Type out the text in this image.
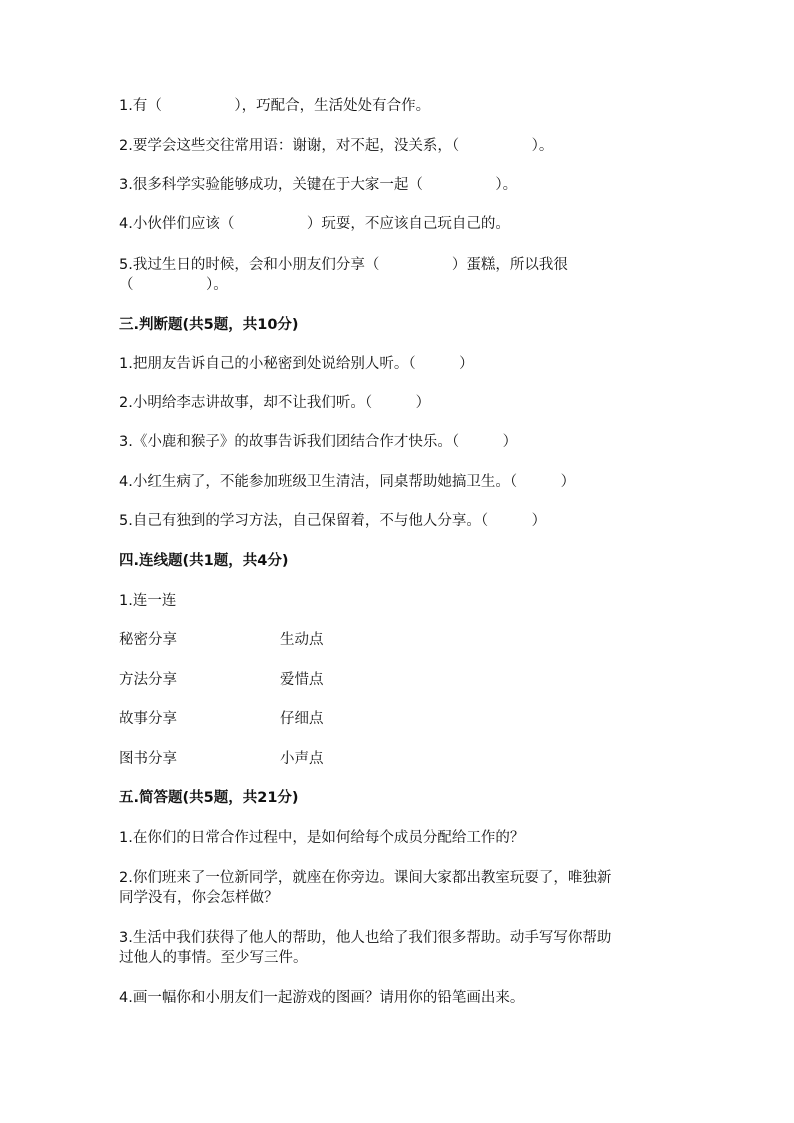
1.有（　　　　　），巧配合，生活处处有合作。

2.要学会这些交往常用语：谢谢，对不起，没关系，（　　　　　）。

3.很多科学实验能够成功，关键在于大家一起（　　　　　）。

4.小伙伴们应该（　　　　　）玩耍，不应该自己玩自己的。

5.我过生日的时候，会和小朋友们分享（　　　　　）蛋糕，所以我很

（　　　　　）。

三.判断题(共5题，共10分)

1.把朋友告诉自己的小秘密到处说给别人听。（　　　）

2.小明给李志讲故事，却不让我们听。（　　　）

3.《小鹿和猴子》的故事告诉我们团结合作才快乐。（　　　）

4.小红生病了，不能参加班级卫生清洁，同桌帮助她搞卫生。（　　　）

5.自己有独到的学习方法，自己保留着，不与他人分享。（　　　）

四.连线题(共1题，共4分)

1.连一连

秘密分享	生动点

方法分享	爱惜点

故事分享	仔细点

图书分享	小声点

五.简答题(共5题，共21分)

1.在你们的日常合作过程中，是如何给每个成员分配给工作的？

2.你们班来了一位新同学，就座在你旁边。课间大家都出教室玩耍了，唯独新

同学没有，你会怎样做？

3.生活中我们获得了他人的帮助，他人也给了我们很多帮助。动手写写你帮助

过他人的事情。至少写三件。

4.画一幅你和小朋友们一起游戏的图画？请用你的铅笔画出来。
